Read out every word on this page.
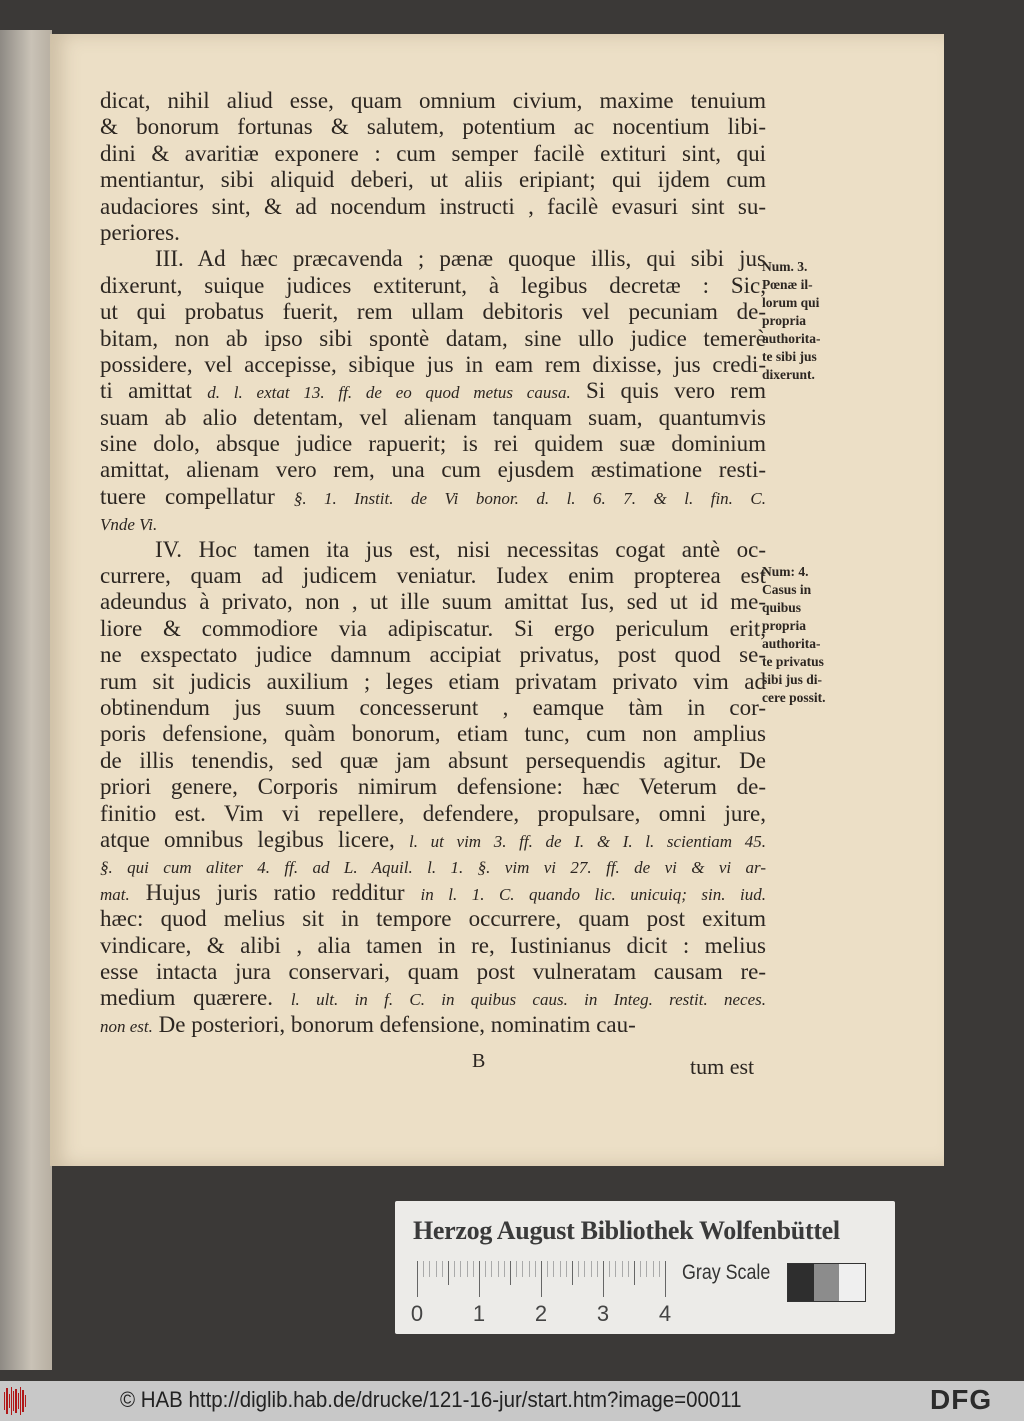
dicat, nihil aliud esse, quam omnium civium, maxime tenuium
& bonorum fortunas & salutem, potentium ac nocentium libi-
dini & avaritiæ exponere : cum semper facilè extituri sint, qui
mentiantur, sibi aliquid deberi, ut aliis eripiant; qui ijdem cum
audaciores sint, & ad nocendum instructi , facilè evasuri sint su-
periores.
III. Ad hæc præcavenda ; pænæ quoque illis, qui sibi jus
dixerunt, suique judices extiterunt, à legibus decretæ : Sic,
ut qui probatus fuerit, rem ullam debitoris vel pecuniam de-
bitam, non ab ipso sibi spontè datam, sine ullo judice temerè
possidere, vel accepisse, sibique jus in eam rem dixisse, jus credi-
ti amittat d. l. extat 13. ff. de eo quod metus causa. Si quis vero rem
suam ab alio detentam, vel alienam tanquam suam, quantumvis
sine dolo, absque judice rapuerit; is rei quidem suæ dominium
amittat, alienam vero rem, una cum ejusdem æstimatione resti-
tuere compellatur §. 1. Instit. de Vi bonor. d. l. 6. 7. & l. fin. C.
Vnde Vi.
IV. Hoc tamen ita jus est, nisi necessitas cogat antè oc-
currere, quam ad judicem veniatur. Iudex enim propterea est
adeundus à privato, non , ut ille suum amittat Ius, sed ut id me-
liore & commodiore via adipiscatur. Si ergo periculum erit,
ne exspectato judice damnum accipiat privatus, post quod se-
rum sit judicis auxilium ; leges etiam privatam privato vim ad
obtinendum jus suum concesserunt , eamque tàm in cor-
poris defensione, quàm bonorum, etiam tunc, cum non amplius
de illis tenendis, sed quæ jam absunt persequendis agitur. De
priori genere, Corporis nimirum defensione: hæc Veterum de-
finitio est. Vim vi repellere, defendere, propulsare, omni jure,
atque omnibus legibus licere, l. ut vim 3. ff. de I. & I. l. scientiam 45.
§. qui cum aliter 4. ff. ad L. Aquil. l. 1. §. vim vi 27. ff. de vi & vi ar-
mat. Hujus juris ratio redditur in l. 1. C. quando lic. unicuiq; sin. iud.
hæc: quod melius sit in tempore occurrere, quam post exitum
vindicare, & alibi , alia tamen in re, Iustinianus dicit : melius
esse intacta jura conservari, quam post vulneratam causam re-
medium quærere. l. ult. in f. C. in quibus caus. in Integ. restit. neces.
non est. De posteriori, bonorum defensione, nominatim cau-
Num. 3.
Pœnæ il-
lorum qui
propria
authorita-
te sibi jus
dixerunt.
Num: 4.
Casus in
quibus
propria
authorita-
te privatus
sibi jus di-
cere possit.
B	tum est
Herzog August Bibliothek Wolfenbüttel
0 1 2 3 4
Gray Scale
© HAB http://diglib.hab.de/drucke/121-16-jur/start.htm?image=00011	DFG
